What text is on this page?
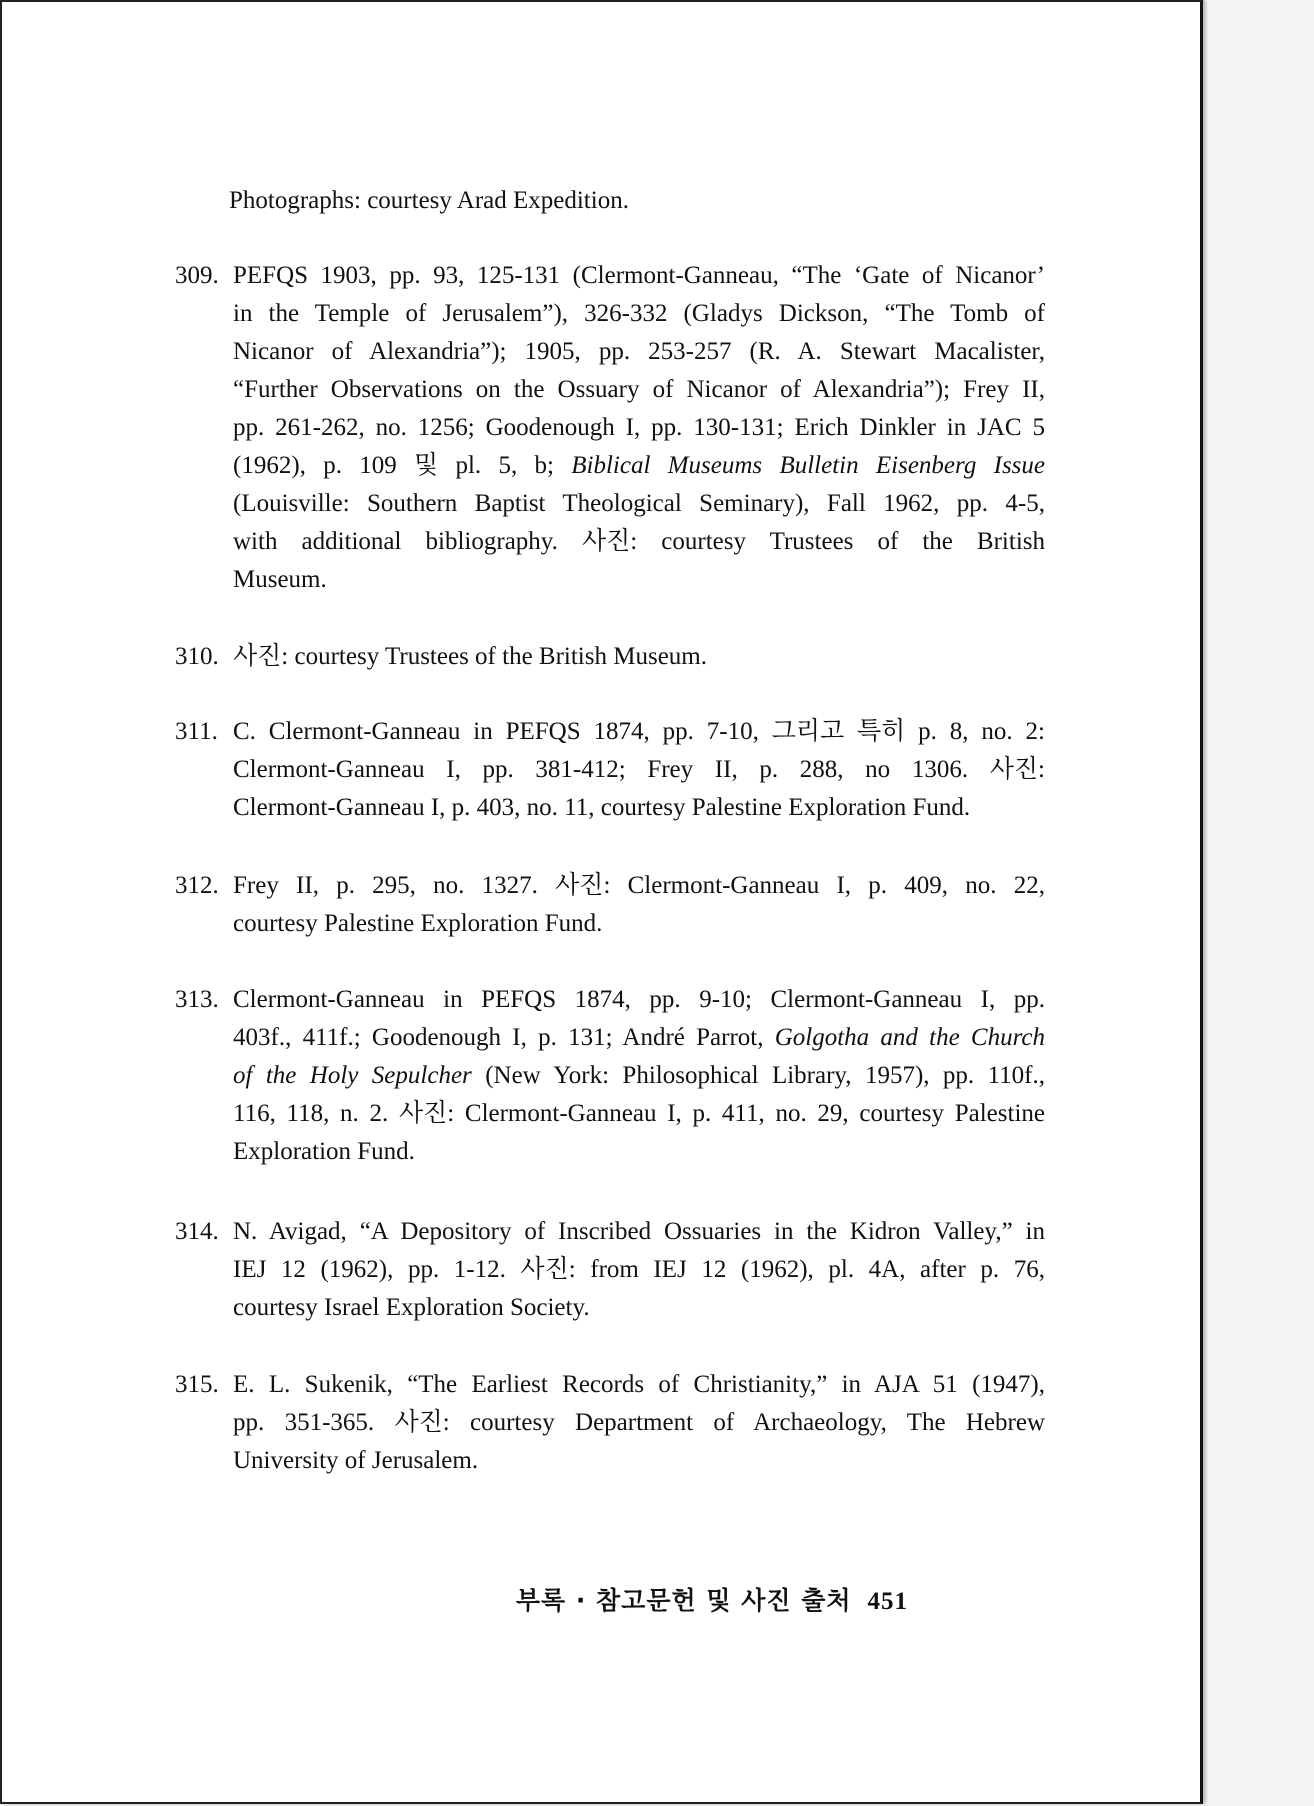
Photographs: courtesy Arad Expedition.
309. PEFQS 1903, pp. 93, 125-131 (Clermont-Ganneau, “The ‘Gate of Nicanor’
in the Temple of Jerusalem”), 326-332 (Gladys Dickson, “The Tomb of
Nicanor of Alexandria”); 1905, pp. 253-257 (R. A. Stewart Macalister,
“Further Observations on the Ossuary of Nicanor of Alexandria”); Frey II,
pp. 261-262, no. 1256; Goodenough I, pp. 130-131; Erich Dinkler in JAC 5
(1962), p. 109 및 pl. 5, b; Biblical Museums Bulletin Eisenberg Issue
(Louisville: Southern Baptist Theological Seminary), Fall 1962, pp. 4-5,
with additional bibliography. 사진: courtesy Trustees of the British
Museum.
310. 사진: courtesy Trustees of the British Museum.
311. C. Clermont-Ganneau in PEFQS 1874, pp. 7-10, 그리고 특히 p. 8, no. 2:
Clermont-Ganneau I, pp. 381-412; Frey II, p. 288, no 1306. 사진:
Clermont-Ganneau I, p. 403, no. 11, courtesy Palestine Exploration Fund.
312. Frey II, p. 295, no. 1327. 사진: Clermont-Ganneau I, p. 409, no. 22,
courtesy Palestine Exploration Fund.
313. Clermont-Ganneau in PEFQS 1874, pp. 9-10; Clermont-Ganneau I, pp.
403f., 411f.; Goodenough I, p. 131; André Parrot, Golgotha and the Church
of the Holy Sepulcher (New York: Philosophical Library, 1957), pp. 110f.,
116, 118, n. 2. 사진: Clermont-Ganneau I, p. 411, no. 29, courtesy Palestine
Exploration Fund.
314. N. Avigad, “A Depository of Inscribed Ossuaries in the Kidron Valley,” in
IEJ 12 (1962), pp. 1-12. 사진: from IEJ 12 (1962), pl. 4A, after p. 76,
courtesy Israel Exploration Society.
315. E. L. Sukenik, “The Earliest Records of Christianity,” in AJA 51 (1947),
pp. 351-365. 사진: courtesy Department of Archaeology, The Hebrew
University of Jerusalem.
부록 · 참고문헌 및 사진 출처 451
